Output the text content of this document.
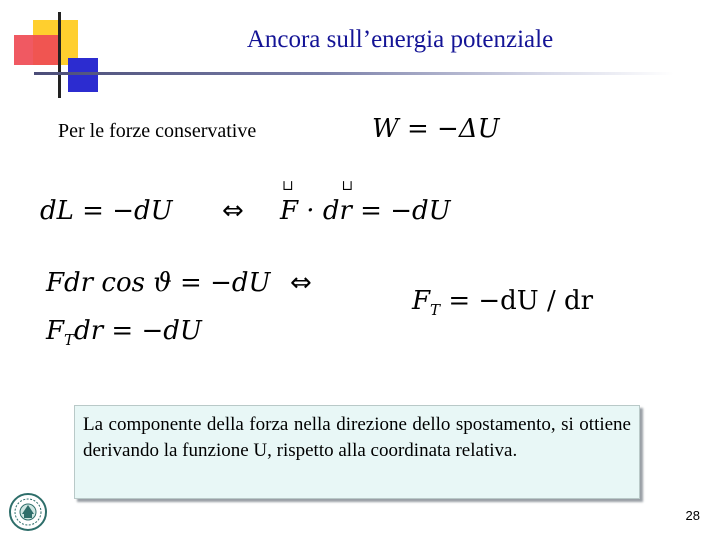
Ancora sull’energia potenziale
Per le forze conservative	W = −ΔU
dL = −dU ⇔
⊔ F · d⊔ r = −dU
Fdr cos ϑ = −dU ⇔
$F_Tdr = -dU$
$F_T = -dU$ / dr

La componente della forza nella direzione dello spostamento, si ottiene derivando la funzione U, rispetto alla coordinata relativa.

28
